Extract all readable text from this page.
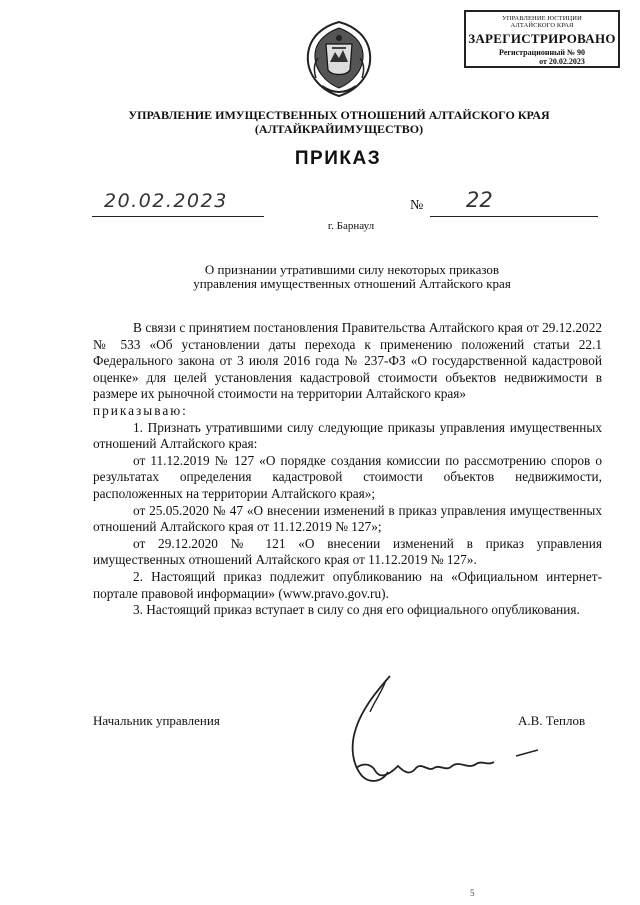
УПРАВЛЕНИЕ ЮСТИЦИИ
АЛТАЙСКОГО КРАЯ
ЗАРЕГИСТРИРОВАНО
Регистрационный № 90
от 20.02.2023
УПРАВЛЕНИЕ ИМУЩЕСТВЕННЫХ ОТНОШЕНИЙ АЛТАЙСКОГО КРАЯ
(АЛТАЙКРАЙИМУЩЕСТВО)
ПРИКАЗ
20.02.2023	№ 22
г. Барнаул
О признании утратившими силу некоторых приказов
управления имущественных отношений Алтайского края

В связи с принятием постановления Правительства Алтайского края от 29.12.2022 № 533 «Об установлении даты перехода к применению положений статьи 22.1 Федерального закона от 3 июля 2016 года № 237-ФЗ «О государственной кадастровой оценке» для целей установления кадастровой стоимости объектов недвижимости в размере их рыночной стоимости на территории Алтайского края»

приказываю:

1. Признать утратившими силу следующие приказы управления имущественных отношений Алтайского края:

от 11.12.2019 № 127 «О порядке создания комиссии по рассмотрению споров о результатах определения кадастровой стоимости объектов недвижимости, расположенных на территории Алтайского края»;

от 25.05.2020 № 47 «О внесении изменений в приказ управления имущественных отношений Алтайского края от 11.12.2019 № 127»;

от 29.12.2020 № 121 «О внесении изменений в приказ управления имущественных отношений Алтайского края от 11.12.2019 № 127».

2. Настоящий приказ подлежит опубликованию на «Официальном интернет-портале правовой информации» (www.pravo.gov.ru).

3. Настоящий приказ вступает в силу со дня его официального опубликования.

Начальник управления	А.В. Теплов
5
